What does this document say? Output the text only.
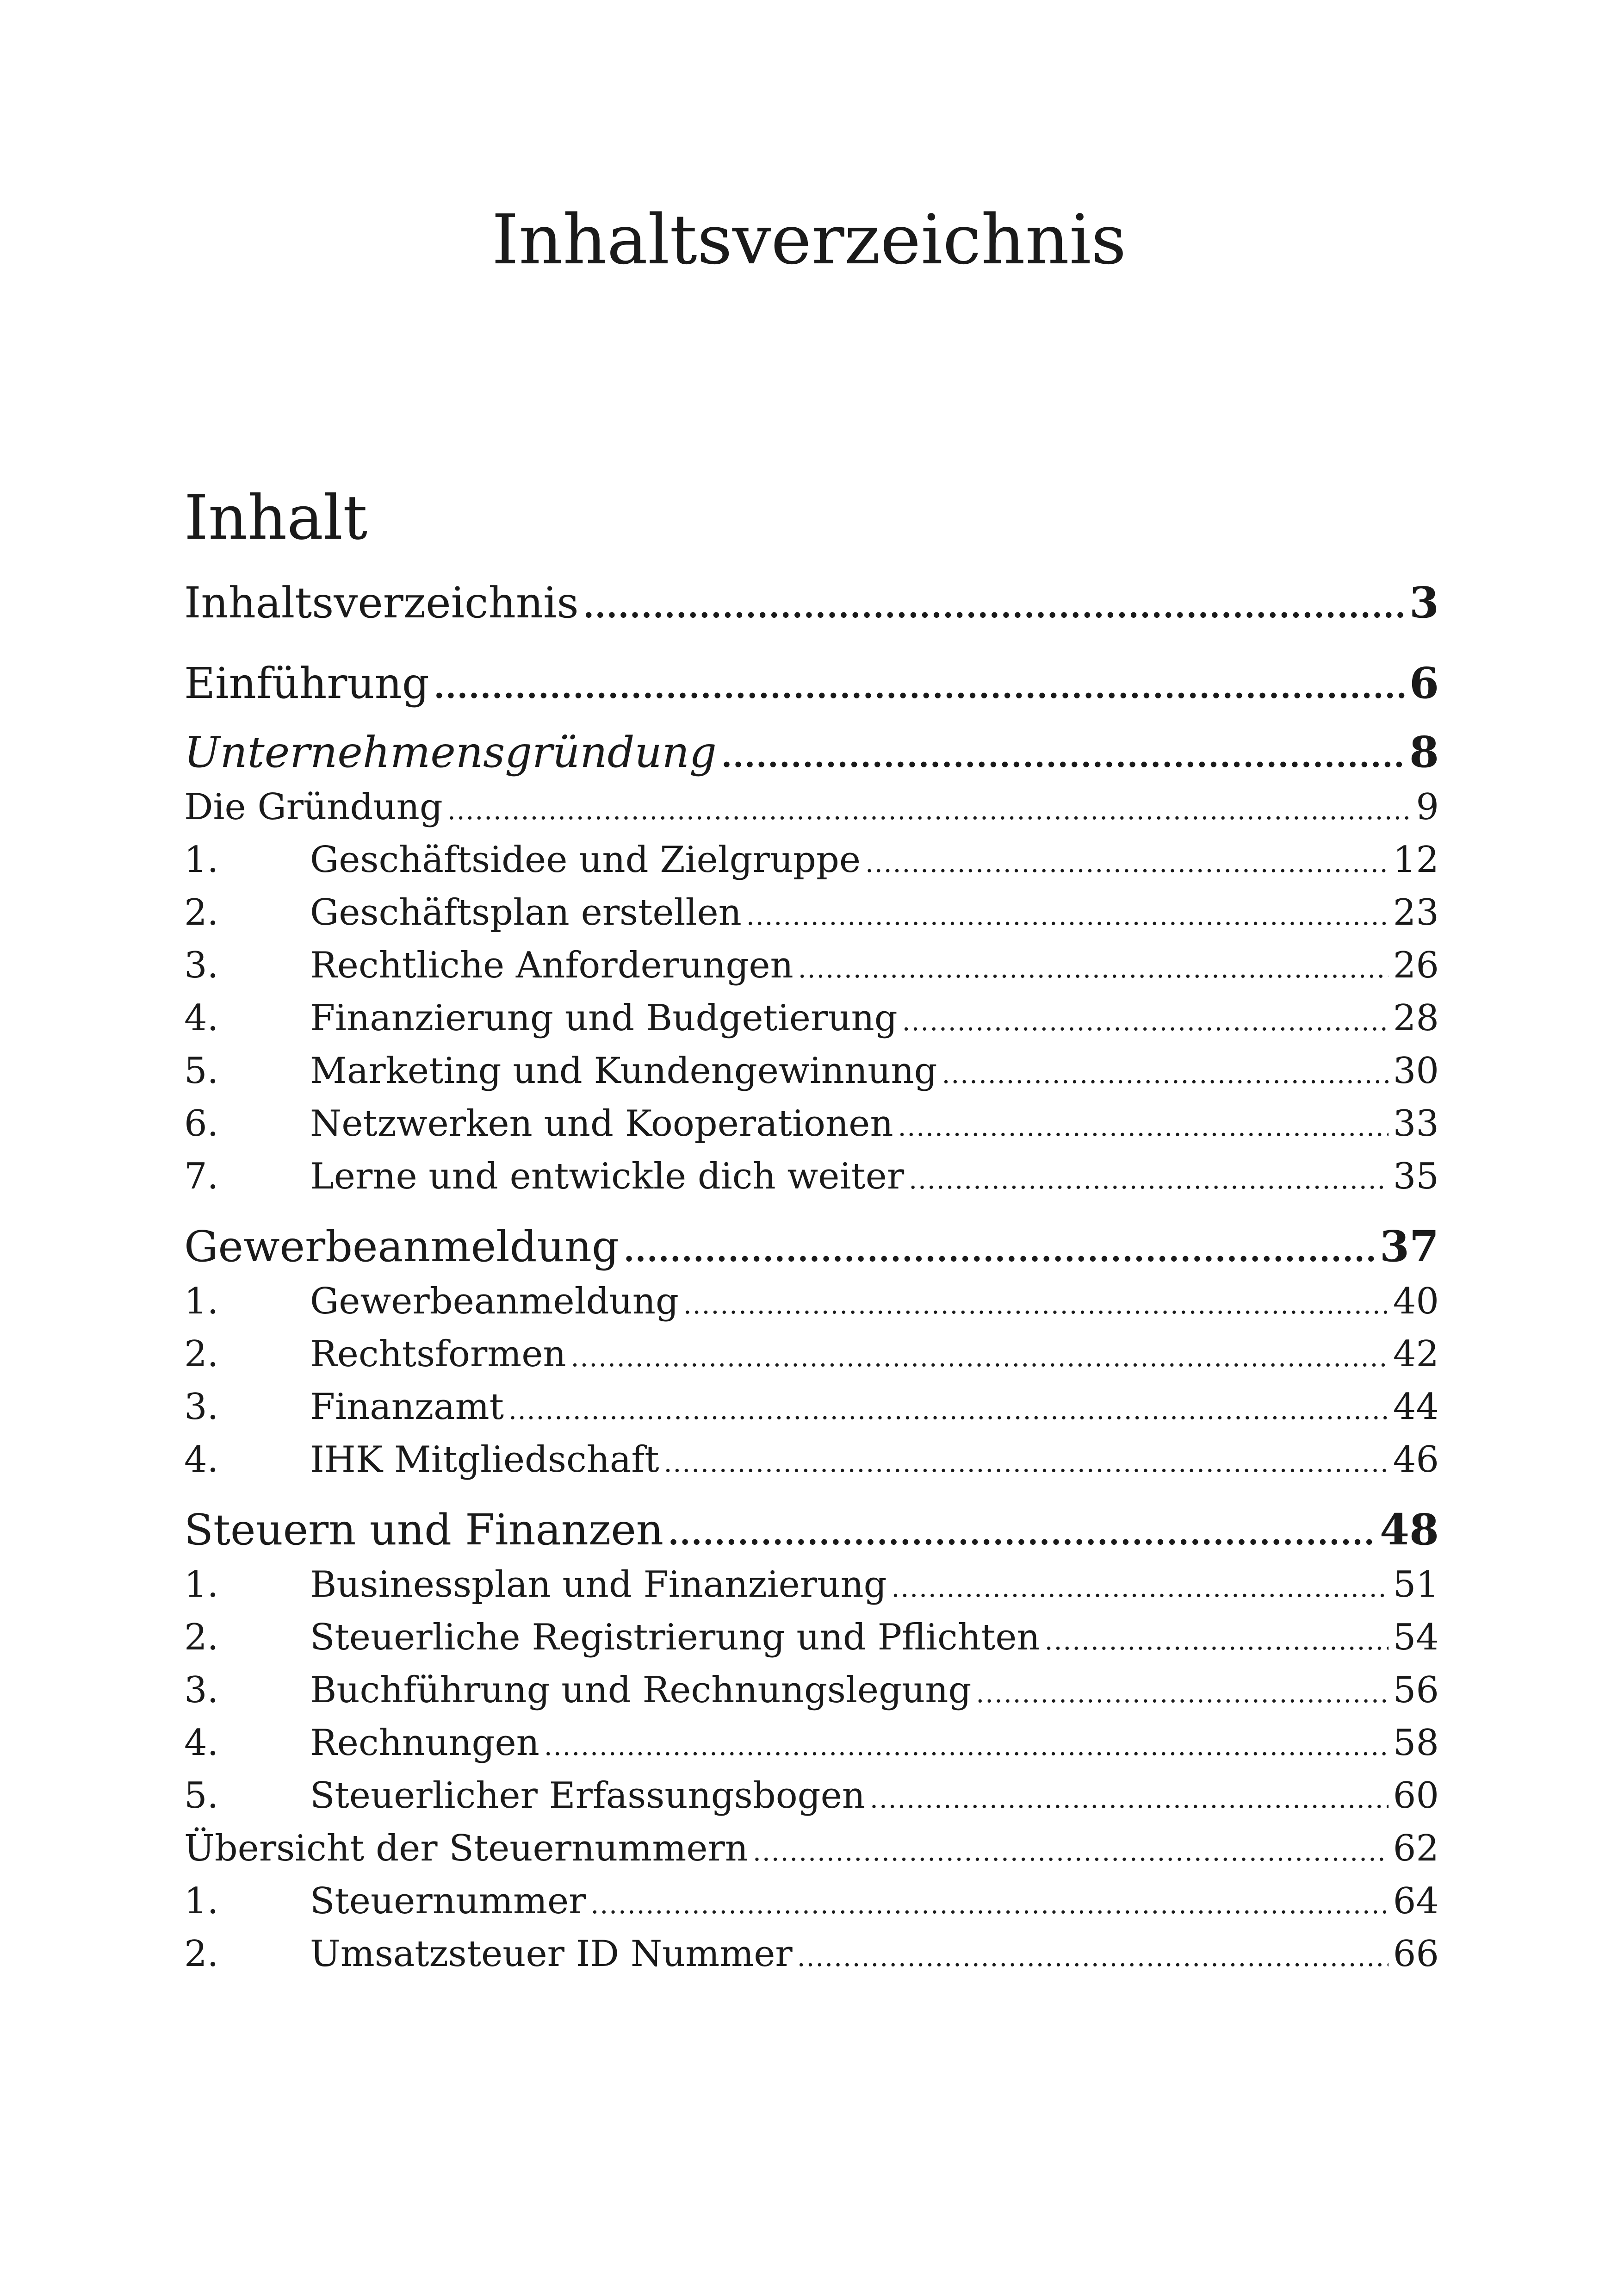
Inhaltsverzeichnis
Inhalt
Inhaltsverzeichnis .....	3
Einführung .....	6
Unternehmensgründung .....	8
Die Gründung .....	9
1.	Geschäftsidee und Zielgruppe .....	12
2.	Geschäftsplan erstellen .....	23
3.	Rechtliche Anforderungen .....	26
4.	Finanzierung und Budgetierung .....	28
5.	Marketing und Kundengewinnung .....	30
6.	Netzwerken und Kooperationen .....	33
7.	Lerne und entwickle dich weiter .....	35
Gewerbeanmeldung .....	37
1.	Gewerbeanmeldung .....	40
2.	Rechtsformen .....	42
3.	Finanzamt .....	44
4.	IHK Mitgliedschaft .....	46
Steuern und Finanzen .....	48
1.	Businessplan und Finanzierung .....	51
2.	Steuerliche Registrierung und Pflichten .....	54
3.	Buchführung und Rechnungslegung .....	56
4.	Rechnungen .....	58
5.	Steuerlicher Erfassungsbogen .....	60
Übersicht der Steuernummern .....	62
1.	Steuernummer .....	64
2.	Umsatzsteuer ID Nummer .....	66
